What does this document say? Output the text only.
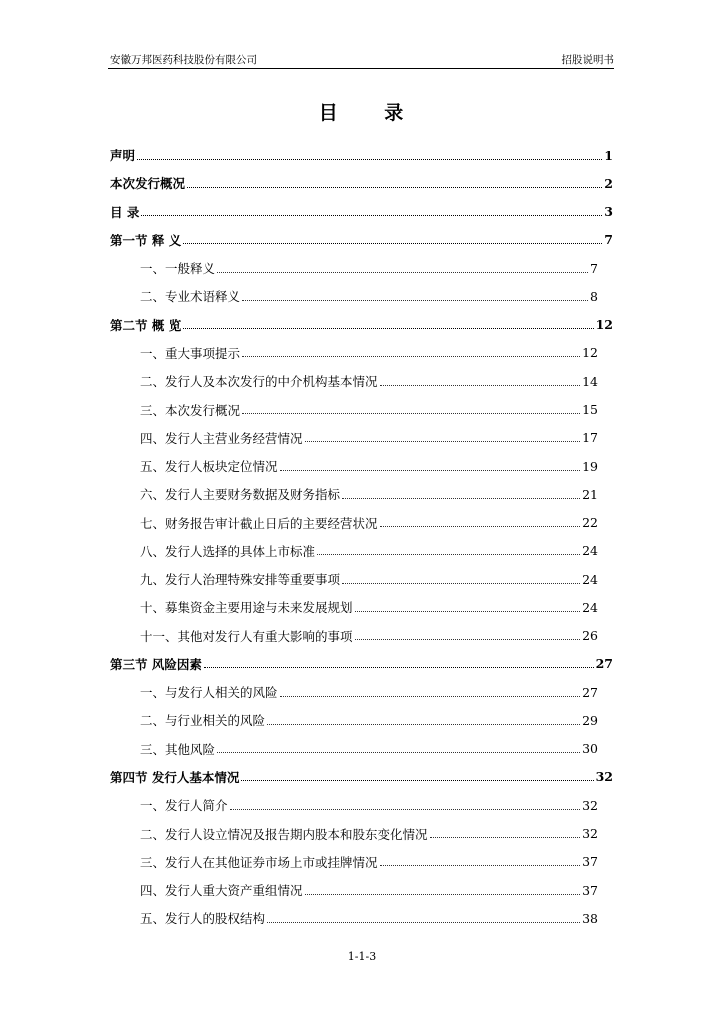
安徽万邦医药科技股份有限公司	招股说明书
目 录
声明	1
本次发行概况	2
目 录	3
第一节 释 义	7
一、一般释义	7
二、专业术语释义	8
第二节 概 览	12
一、重大事项提示	12
二、发行人及本次发行的中介机构基本情况	14
三、本次发行概况	15
四、发行人主营业务经营情况	17
五、发行人板块定位情况	19
六、发行人主要财务数据及财务指标	21
七、财务报告审计截止日后的主要经营状况	22
八、发行人选择的具体上市标准	24
九、发行人治理特殊安排等重要事项	24
十、募集资金主要用途与未来发展规划	24
十一、其他对发行人有重大影响的事项	26
第三节 风险因素	27
一、与发行人相关的风险	27
二、与行业相关的风险	29
三、其他风险	30
第四节 发行人基本情况	32
一、发行人简介	32
二、发行人设立情况及报告期内股本和股东变化情况	32
三、发行人在其他证券市场上市或挂牌情况	37
四、发行人重大资产重组情况	37
五、发行人的股权结构	38
1-1-3
